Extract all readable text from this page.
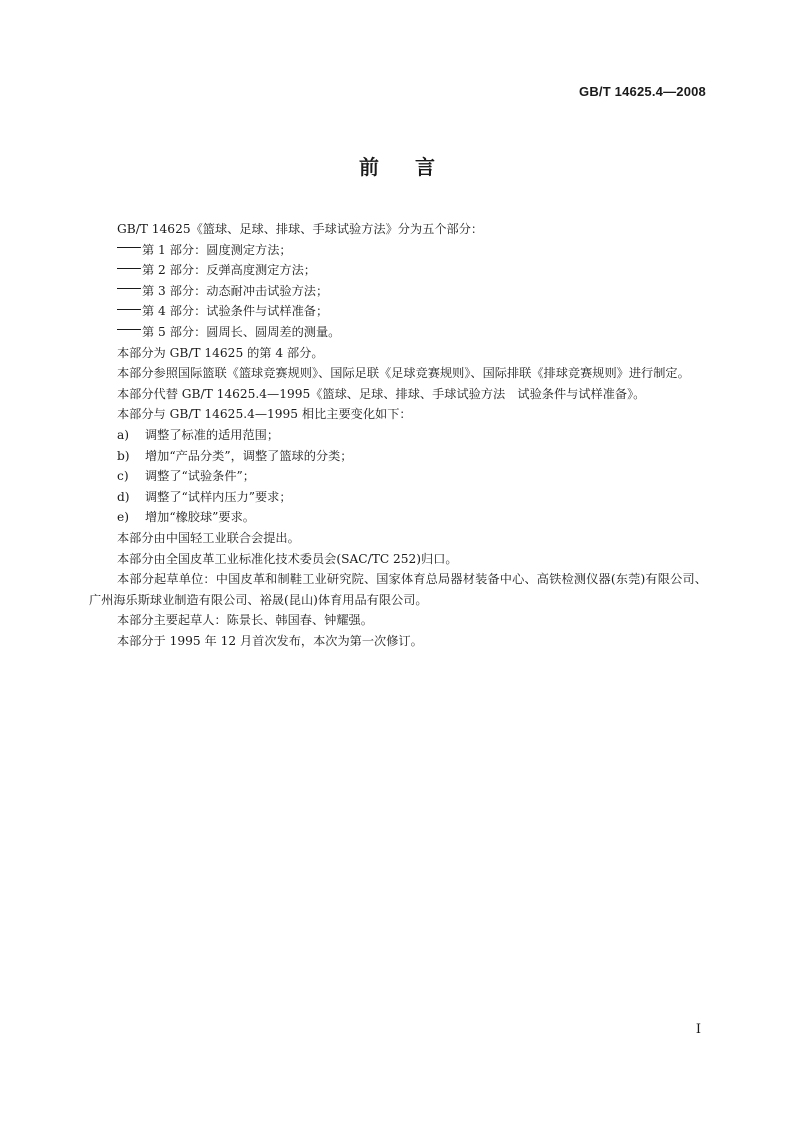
GB/T 14625.4—2008
前言

GB/T 14625《篮球、足球、排球、手球试验方法》分为五个部分：

第 1 部分：圆度测定方法；

第 2 部分：反弹高度测定方法；

第 3 部分：动态耐冲击试验方法；

第 4 部分：试验条件与试样准备；

第 5 部分：圆周长、圆周差的测量。

本部分为 GB/T 14625 的第 4 部分。

本部分参照国际篮联《篮球竞赛规则》、国际足联《足球竞赛规则》、国际排联《排球竞赛规则》进行制定。

本部分代替 GB/T 14625.4—1995《篮球、足球、排球、手球试验方法　试验条件与试样准备》。

本部分与 GB/T 14625.4—1995 相比主要变化如下：

a) 调整了标准的适用范围；

b) 增加“产品分类”，调整了篮球的分类；

c) 调整了“试验条件”；

d) 调整了“试样内压力”要求；

e) 增加“橡胶球”要求。

本部分由中国轻工业联合会提出。

本部分由全国皮革工业标准化技术委员会(SAC/TC 252)归口。

本部分起草单位：中国皮革和制鞋工业研究院、国家体育总局器材装备中心、高铁检测仪器(东莞)有限公司、广州海乐斯球业制造有限公司、裕晟(昆山)体育用品有限公司。

本部分主要起草人：陈景长、韩国春、钟耀强。

本部分于 1995 年 12 月首次发布，本次为第一次修订。

I
